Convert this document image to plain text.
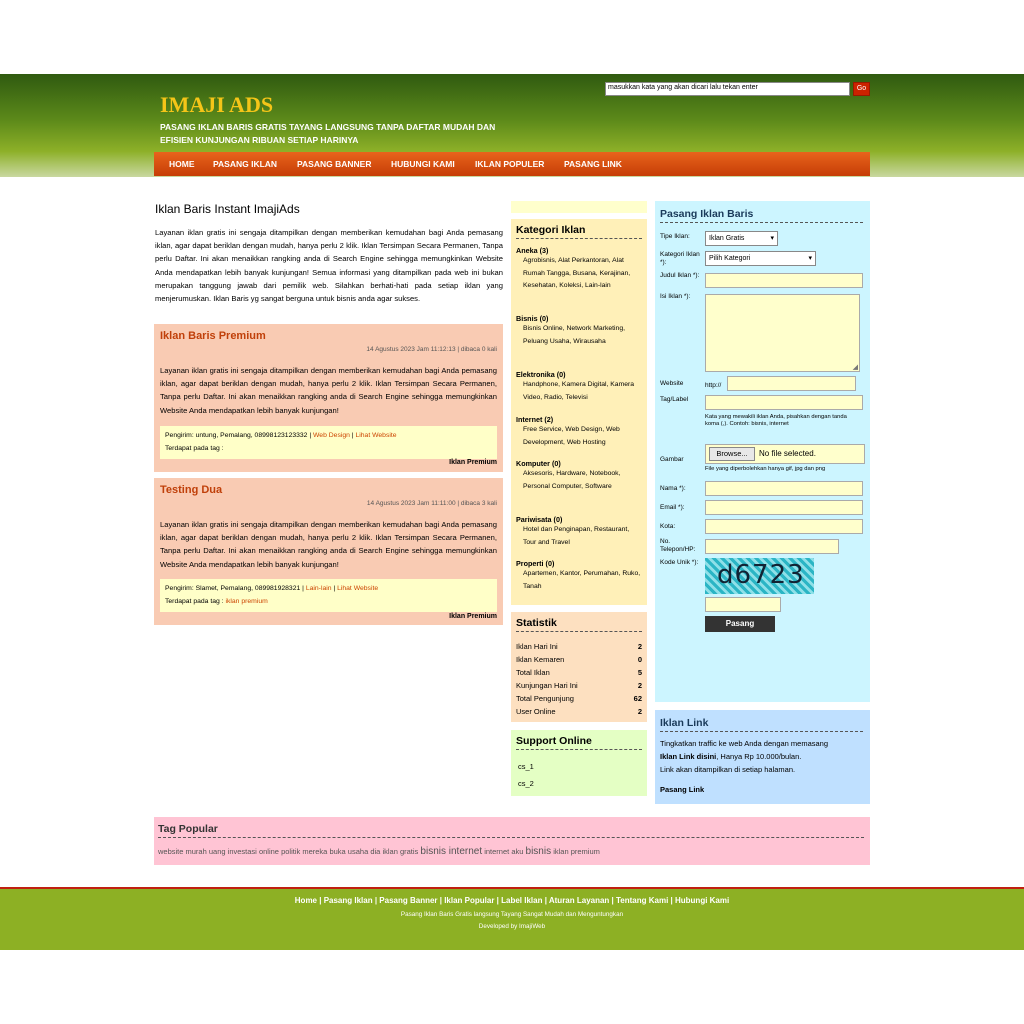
IMAJI ADS
PASANG IKLAN BARIS GRATIS TAYANG LANGSUNG TANPA DAFTAR MUDAH DAN EFISIEN KUNJUNGAN RIBUAN SETIAP HARINYA
masukkan kata yang akan dicari lalu tekan enter	Go
HOME PASANG IKLAN PASANG BANNER HUBUNGI KAMI IKLAN POPULER PASANG LINK
Iklan Baris Instant ImajiAds
Layanan iklan gratis ini sengaja ditampilkan dengan memberikan kemudahan bagi Anda pemasang iklan, agar dapat beriklan dengan mudah, hanya perlu 2 klik. Iklan Tersimpan Secara Permanen, Tanpa perlu Daftar. Ini akan menaikkan rangking anda di Search Engine sehingga memungkinkan Website Anda mendapatkan lebih banyak kunjungan! Semua informasi yang ditampilkan pada web ini bukan merupakan tanggung jawab dari pemilik web. Silahkan berhati-hati pada setiap iklan yang menjerumuskan. Iklan Baris yg sangat berguna untuk bisnis anda agar sukses.
Iklan Baris Premium
14 Agustus 2023 Jam 11:12:13 | dibaca 0 kali
Layanan iklan gratis ini sengaja ditampilkan dengan memberikan kemudahan bagi Anda pemasang iklan, agar dapat beriklan dengan mudah, hanya perlu 2 klik. Iklan Tersimpan Secara Permanen, Tanpa perlu Daftar. Ini akan menaikkan rangking anda di Search Engine sehingga memungkinkan Website Anda mendapatkan lebih banyak kunjungan!
Pengirim: untung, Pemalang, 08998123123332 | Web Design | Lihat Website
Terdapat pada tag :
Iklan Premium
Testing Dua
14 Agustus 2023 Jam 11:11:00 | dibaca 3 kali
Layanan iklan gratis ini sengaja ditampilkan dengan memberikan kemudahan bagi Anda pemasang iklan, agar dapat beriklan dengan mudah, hanya perlu 2 klik. Iklan Tersimpan Secara Permanen, Tanpa perlu Daftar. Ini akan menaikkan rangking anda di Search Engine sehingga memungkinkan Website Anda mendapatkan lebih banyak kunjungan!
Pengirim: Slamet, Pemalang, 089981928321 | Lain-lain | Lihat Website
Terdapat pada tag : iklan premium
Iklan Premium
Kategori Iklan
Aneka (3)
Agrobisnis, Alat Perkantoran, Alat Rumah Tangga, Busana, Kerajinan, Kesehatan, Koleksi, Lain-lain
Bisnis (0)
Bisnis Online, Network Marketing, Peluang Usaha, Wirausaha
Elektronika (0)
Handphone, Kamera Digital, Kamera Video, Radio, Televisi
Internet (2)
Free Service, Web Design, Web Development, Web Hosting
Komputer (0)
Aksesoris, Hardware, Notebook, Personal Computer, Software
Pariwisata (0)
Hotel dan Penginapan, Restaurant, Tour and Travel
Properti (0)
Apartemen, Kantor, Perumahan, Ruko, Tanah
Statistik
Iklan Hari Ini	2
Iklan Kemaren	0
Total Iklan	5
Kunjungan Hari Ini	2
Total Pengunjung	62
User Online	2
Support Online
cs_1
cs_2
Pasang Iklan Baris
Tipe Iklan:	Iklan Gratis	▾
Kategori Iklan *):
Pilih Kategori	▾
Judul Iklan *):
Isi Iklan *):
◢
Website	http://
Tag/Label
Kata yang mewakili iklan Anda, pisahkan dengan tanda koma (,). Contoh: bisnis, internet
Gambar
Browse...	No file selected.
File yang diperbolehkan hanya gif, jpg dan png
Nama *):
Email *):
Kota:
No. Telepon/HP:
Kode Unik *): d6723
Pasang
Iklan Link
Tingkatkan traffic ke web Anda dengan memasang
Iklan Link disini, Hanya Rp 10.000/bulan.
Link akan ditampilkan di setiap halaman.
Pasang Link
Tag Popular
website murah uang investasi online politik mereka buka usaha dia iklan gratis bisnis internet internet aku bisnis iklan premium
Home | Pasang Iklan | Pasang Banner | Iklan Popular | Label Iklan | Aturan Layanan | Tentang Kami | Hubungi Kami
Pasang Iklan Baris Gratis langsung Tayang Sangat Mudah dan Menguntungkan
Developed by ImajiWeb
